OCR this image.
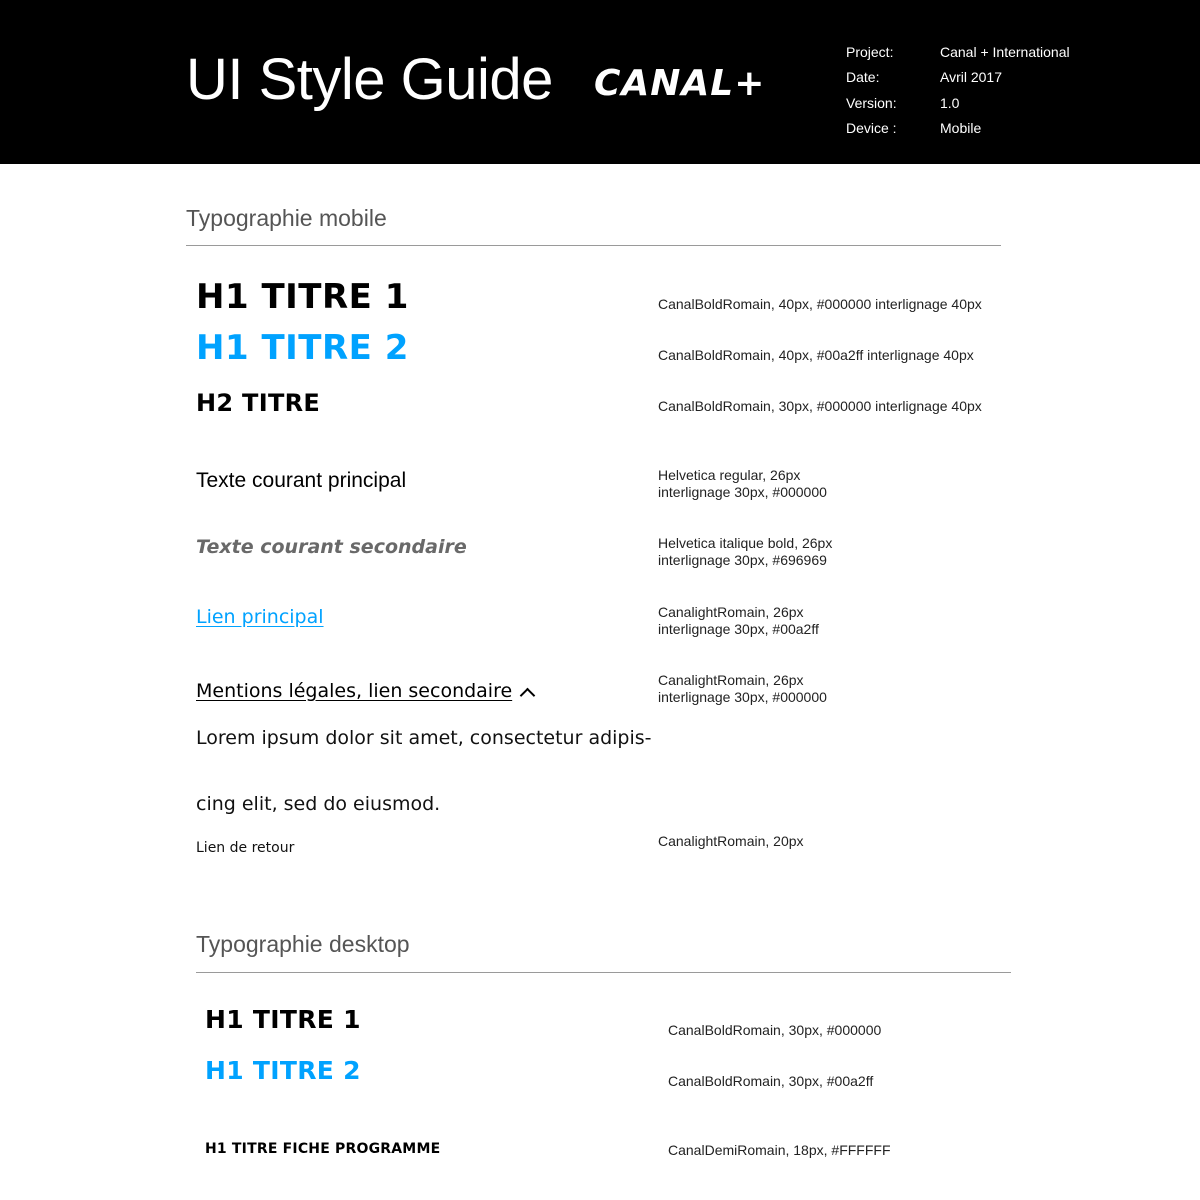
UI Style Guide CANAL+
Project:	Canal + International
Date:	Avril 2017
Version:	1.0
Device :	Mobile
Typographie mobile
H1 TITRE 1	CanalBoldRomain, 40px, #000000 interlignage 40px
H1 TITRE 2	CanalBoldRomain, 40px, #00a2ff interlignage 40px
H2 TITRE	CanalBoldRomain, 30px, #000000 interlignage 40px
Texte courant principal	Helvetica regular, 26px
interlignage 30px, #000000
Texte courant secondaire	Helvetica italique bold, 26px
interlignage 30px, #696969
Lien principal	CanalightRomain, 26px
interlignage 30px, #00a2ff
Mentions légales, lien secondaire	CanalightRomain, 26px
interlignage 30px, #000000
Lorem ipsum dolor sit amet, consectetur adipis-
cing elit, sed do eiusmod.
Lien de retour	CanalightRomain, 20px
Typographie desktop
H1 TITRE 1	CanalBoldRomain, 30px, #000000
H1 TITRE 2	CanalBoldRomain, 30px, #00a2ff
H1 TITRE FICHE PROGRAMME	CanalDemiRomain, 18px, #FFFFFF
